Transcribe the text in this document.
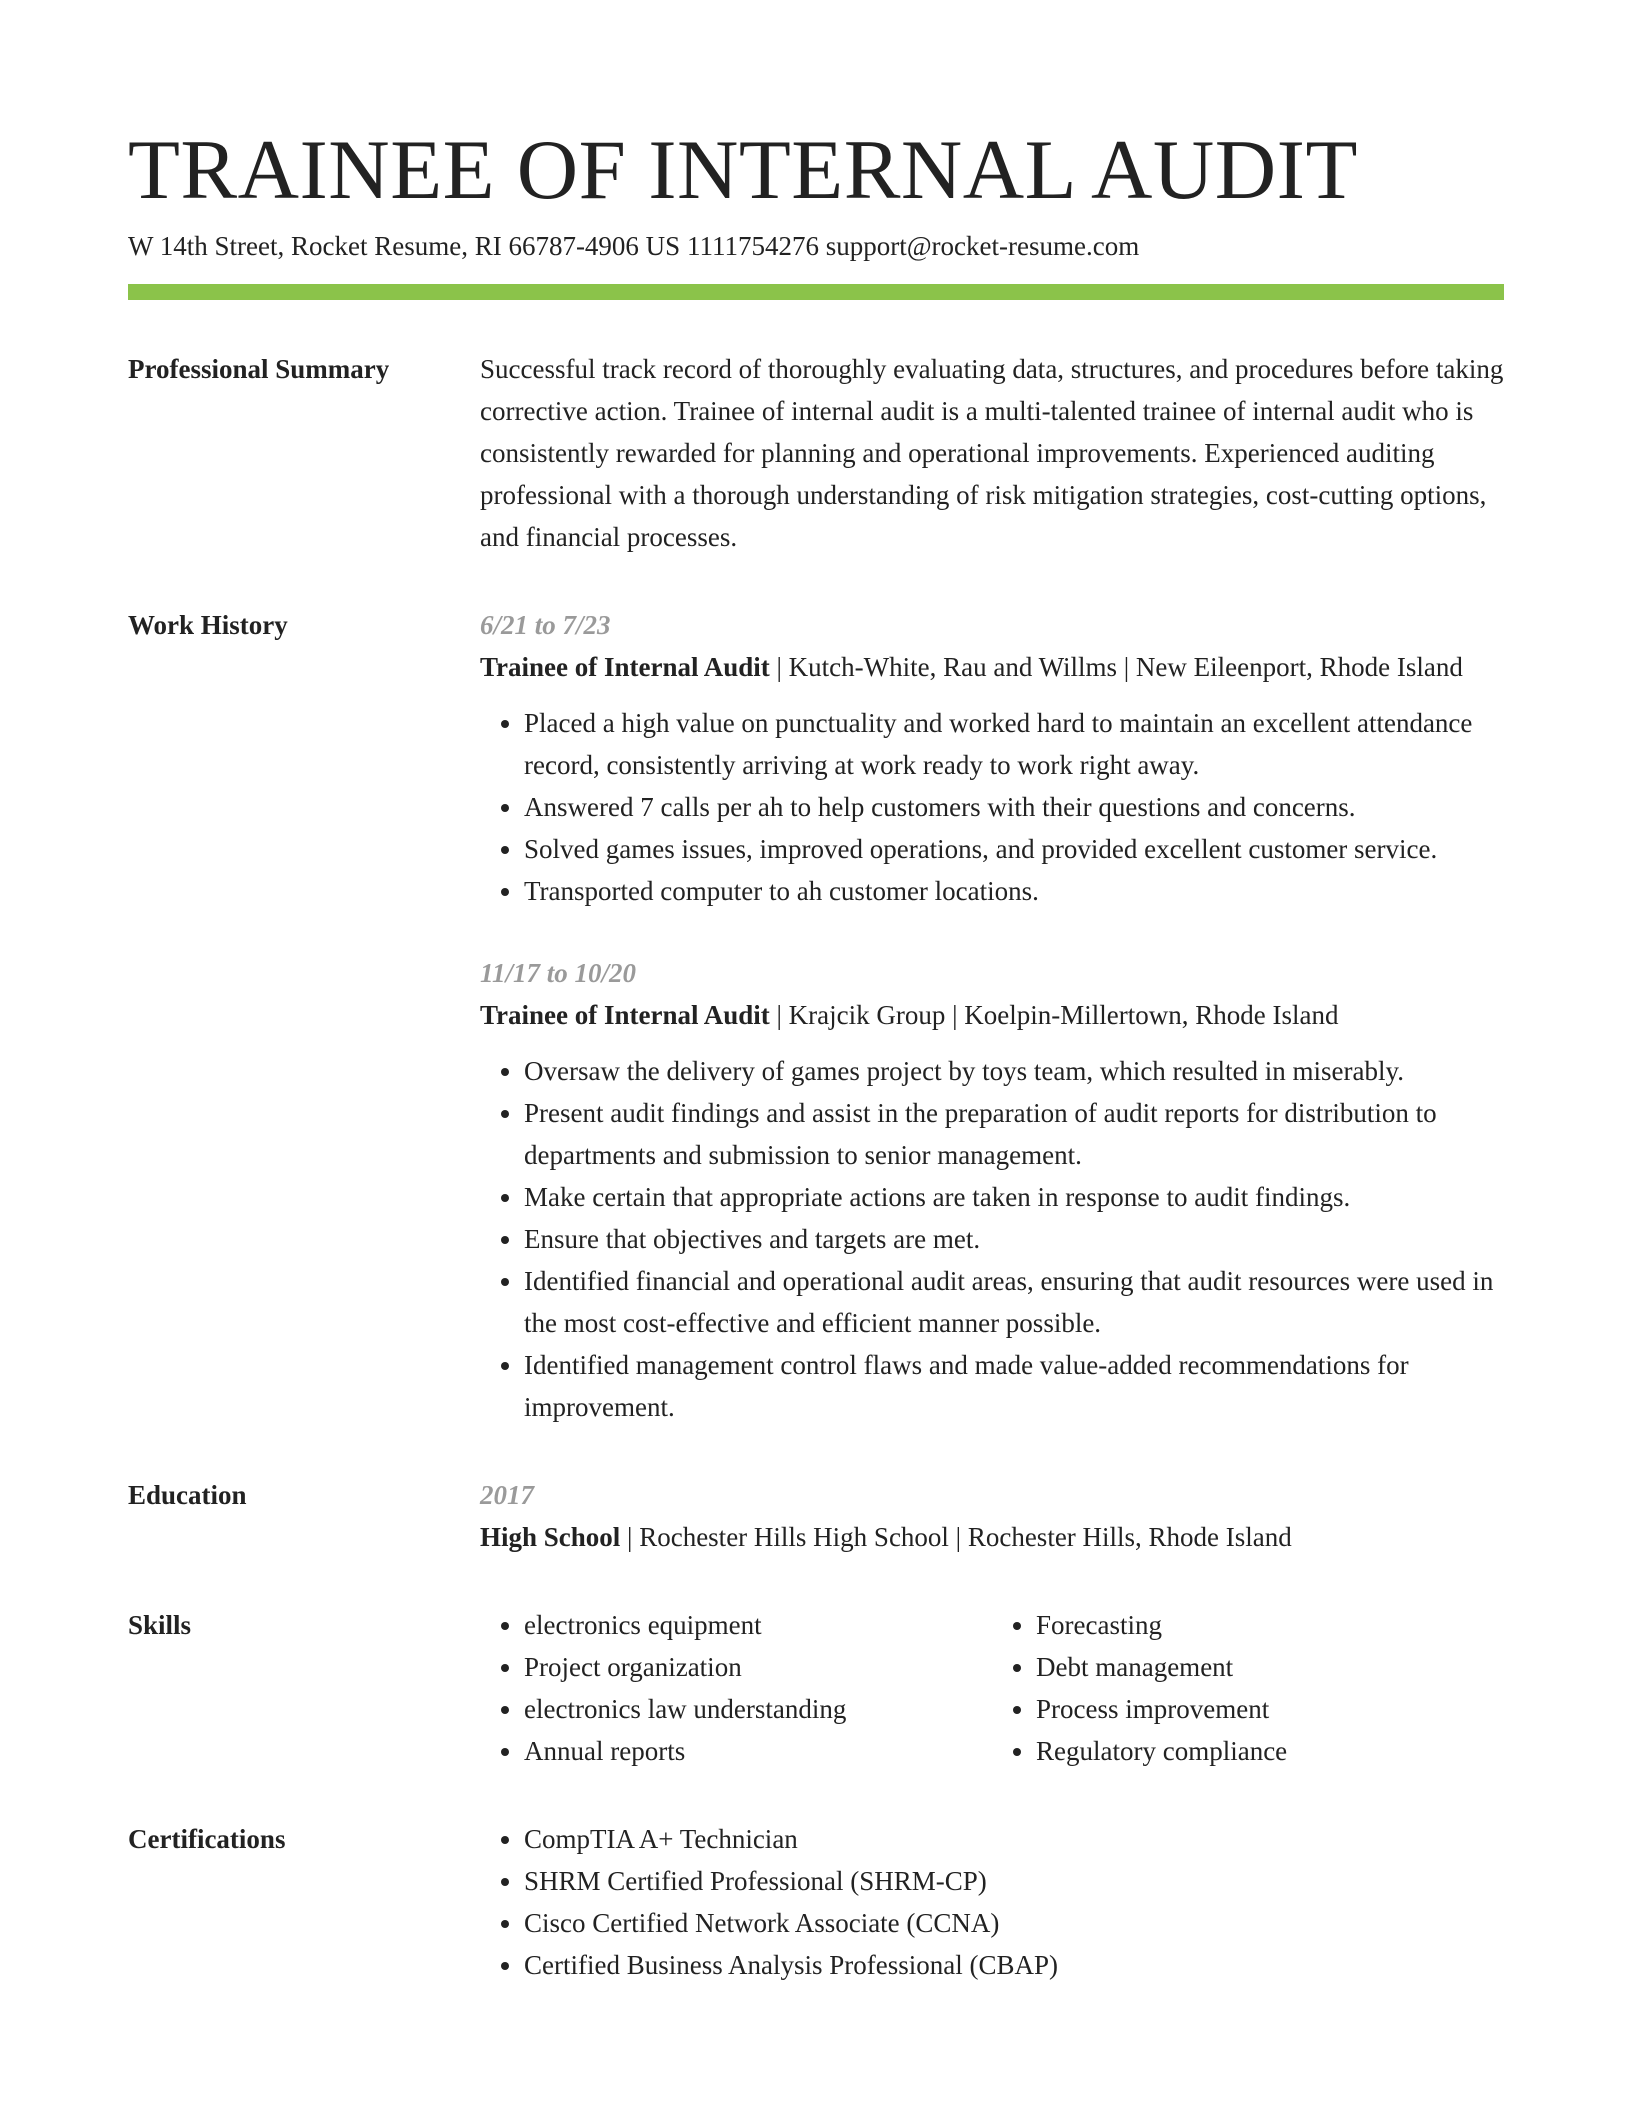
TRAINEE OF INTERNAL AUDIT
W 14th Street, Rocket Resume, RI 66787-4906 US 1111754276 support@rocket-resume.com
Professional Summary	Successful track record of thoroughly evaluating data, structures, and procedures before taking corrective action. Trainee of internal audit is a multi-talented trainee of internal audit who is consistently rewarded for planning and operational improvements. Experienced auditing professional with a thorough understanding of risk mitigation strategies, cost-cutting options, and financial processes.

Work History	6/21 to 7/23
Trainee of Internal Audit | Kutch-White, Rau and Willms | New Eileenport, Rhode Island
• Placed a high value on punctuality and worked hard to maintain an excellent attendance record, consistently arriving at work ready to work right away.
• Answered 7 calls per ah to help customers with their questions and concerns.
• Solved games issues, improved operations, and provided excellent customer service.
• Transported computer to ah customer locations.
11/17 to 10/20
Trainee of Internal Audit | Krajcik Group | Koelpin-Millertown, Rhode Island
• Oversaw the delivery of games project by toys team, which resulted in miserably.
• Present audit findings and assist in the preparation of audit reports for distribution to departments and submission to senior management.
• Make certain that appropriate actions are taken in response to audit findings.
• Ensure that objectives and targets are met.
• Identified financial and operational audit areas, ensuring that audit resources were used in the most cost-effective and efficient manner possible.
• Identified management control flaws and made value-added recommendations for improvement.
Education	2017

High School | Rochester Hills High School | Rochester Hills, Rhode Island

Skills	• electronics equipment
• Project organization
• electronics law understanding
• Annual reports
• Forecasting
• Debt management
• Process improvement
• Regulatory compliance
Certifications	• CompTIA A+ Technician
• SHRM Certified Professional (SHRM-CP)
• Cisco Certified Network Associate (CCNA)
• Certified Business Analysis Professional (CBAP)
